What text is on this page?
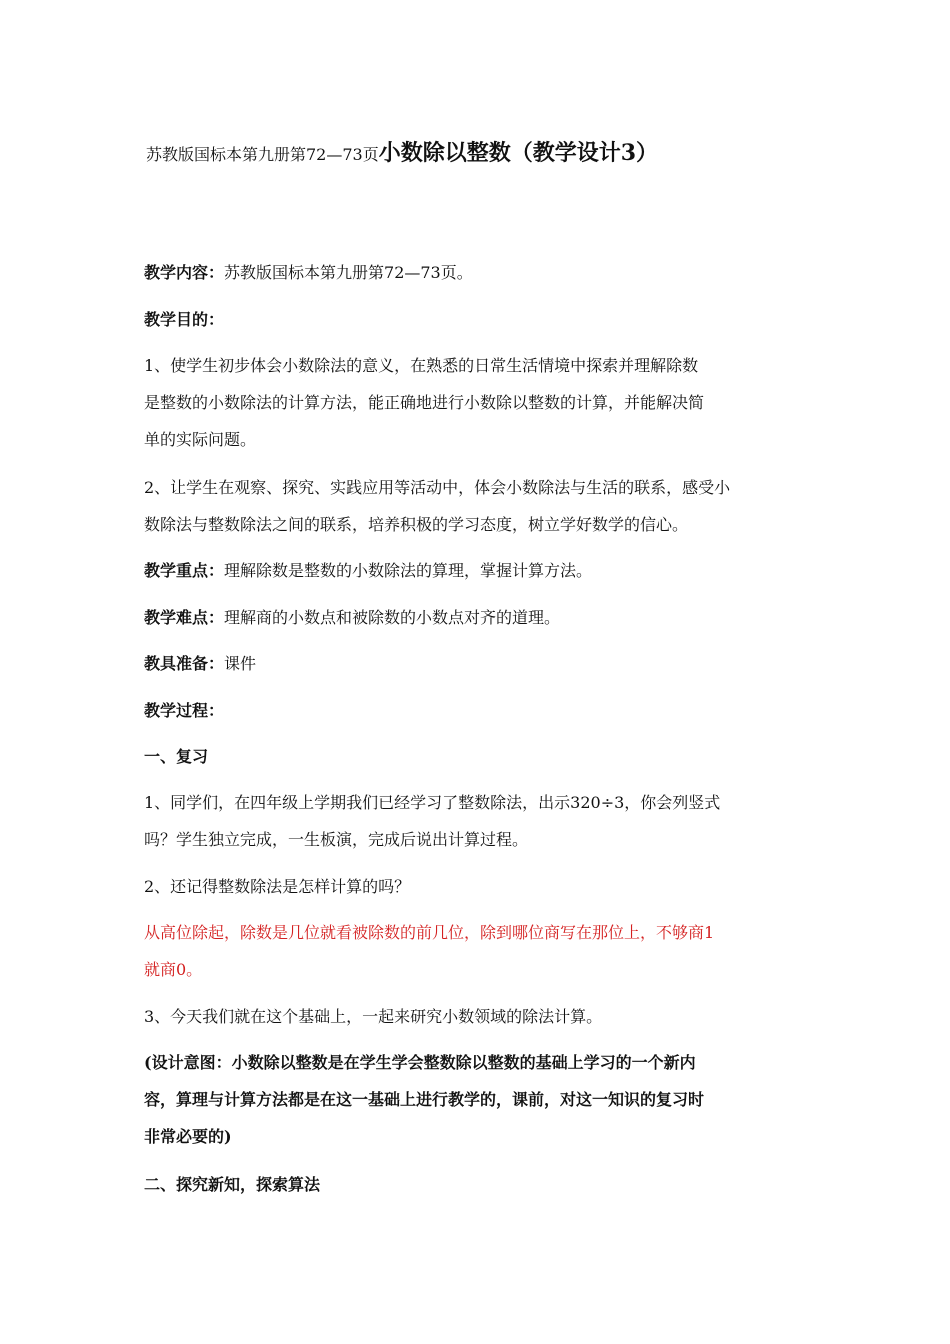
苏教版国标本第九册第72—73页小数除以整数（教学设计3）
教学内容：苏教版国标本第九册第72—73页。
教学目的：
1、使学生初步体会小数除法的意义，在熟悉的日常生活情境中探索并理解除数
是整数的小数除法的计算方法，能正确地进行小数除以整数的计算，并能解决简
单的实际问题。
2、让学生在观察、探究、实践应用等活动中，体会小数除法与生活的联系，感受小
数除法与整数除法之间的联系，培养积极的学习态度，树立学好数学的信心。
教学重点：理解除数是整数的小数除法的算理，掌握计算方法。
教学难点：理解商的小数点和被除数的小数点对齐的道理。
教具准备：课件
教学过程：
一、复习
1、同学们，在四年级上学期我们已经学习了整数除法，出示320÷3，你会列竖式
吗？学生独立完成，一生板演，完成后说出计算过程。
2、还记得整数除法是怎样计算的吗？
从高位除起，除数是几位就看被除数的前几位，除到哪位商写在那位上，不够商1
就商0。
3、今天我们就在这个基础上，一起来研究小数领域的除法计算。
(设计意图：小数除以整数是在学生学会整数除以整数的基础上学习的一个新内
容，算理与计算方法都是在这一基础上进行教学的，课前，对这一知识的复习时
非常必要的)
二、探究新知，探索算法
